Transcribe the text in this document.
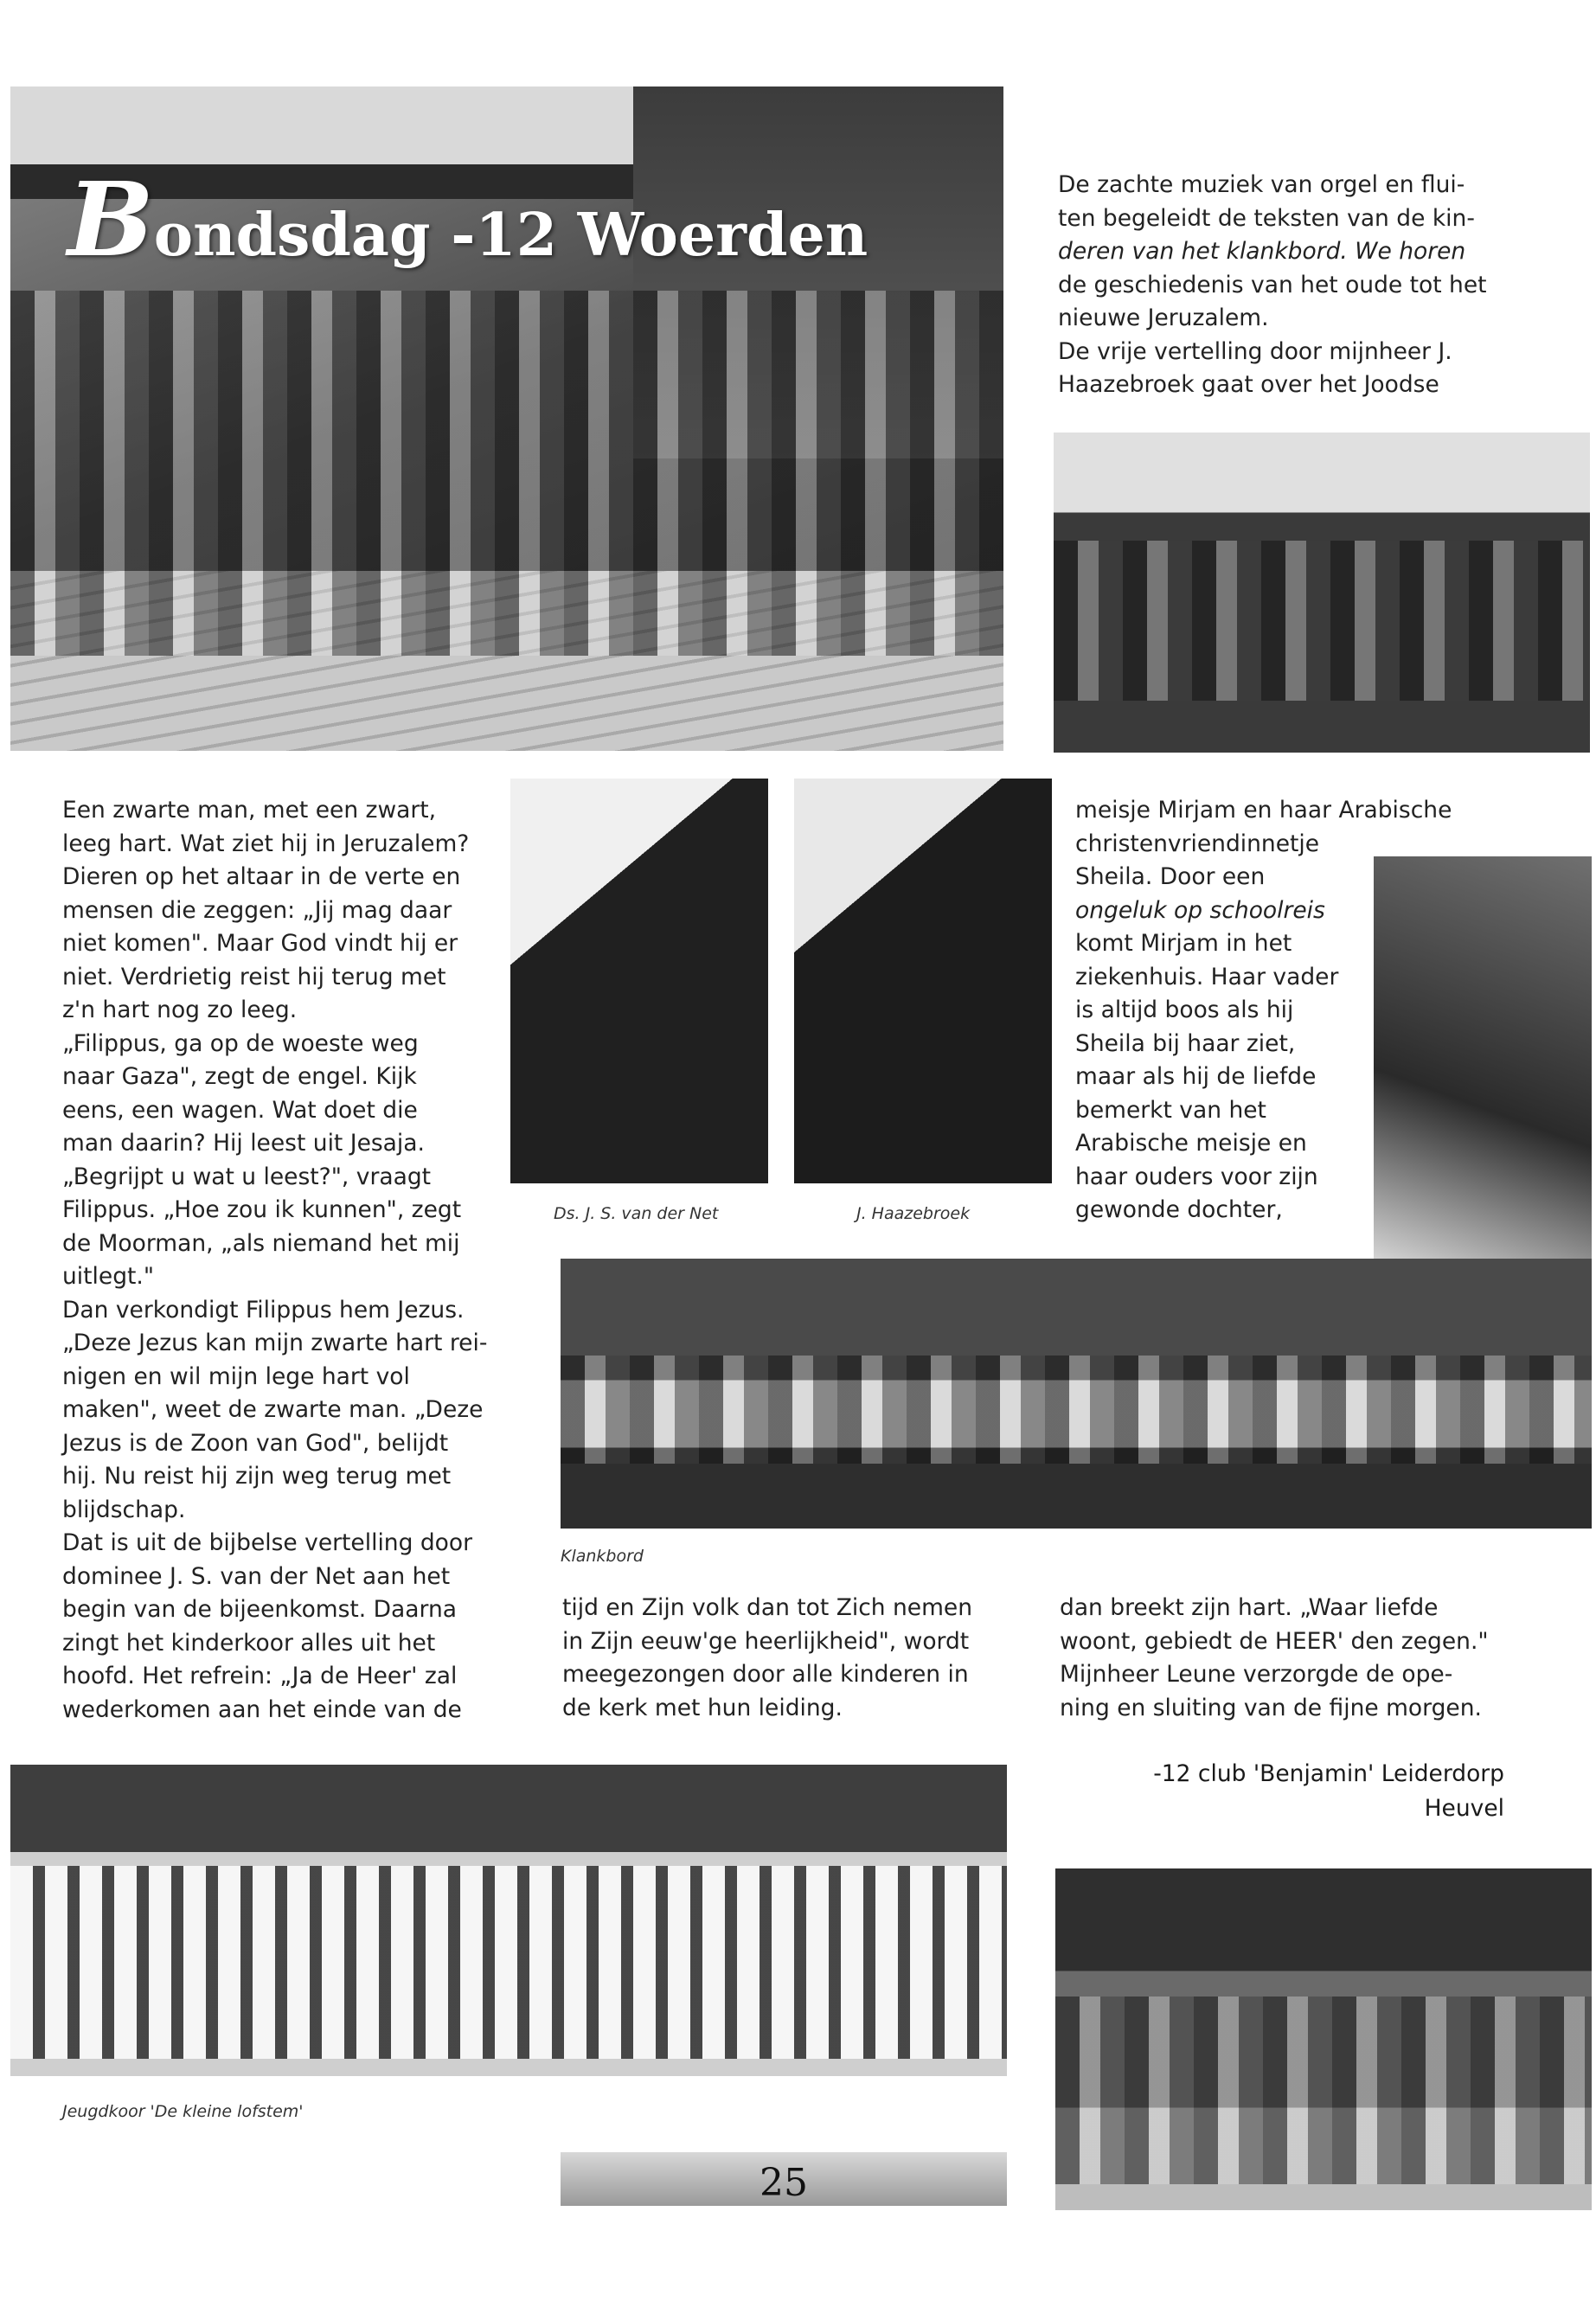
Bondsdag -12 Woerden

De zachte muziek van orgel en flui-

ten begeleidt de teksten van de kin-

deren van het klankbord. We horen

de geschiedenis van het oude tot het

nieuwe Jeruzalem.

De vrije vertelling door mijnheer J.

Haazebroek gaat over het Joodse

Een zwarte man, met een zwart,

leeg hart. Wat ziet hij in Jeruzalem?

Dieren op het altaar in de verte en

mensen die zeggen: „Jij mag daar

niet komen". Maar God vindt hij er

niet. Verdrietig reist hij terug met

z'n hart nog zo leeg.

„Filippus, ga op de woeste weg

naar Gaza", zegt de engel. Kijk

eens, een wagen. Wat doet die

man daarin? Hij leest uit Jesaja.

„Begrijpt u wat u leest?", vraagt

Filippus. „Hoe zou ik kunnen", zegt

de Moorman, „als niemand het mij

uitlegt."

Dan verkondigt Filippus hem Jezus.

„Deze Jezus kan mijn zwarte hart rei-

nigen en wil mijn lege hart vol

maken", weet de zwarte man. „Deze

Jezus is de Zoon van God", belijdt

hij. Nu reist hij zijn weg terug met

blijdschap.

Dat is uit de bijbelse vertelling door

dominee J. S. van der Net aan het

begin van de bijeenkomst. Daarna

zingt het kinderkoor alles uit het

hoofd. Het refrein: „Ja de Heer' zal

wederkomen aan het einde van de

Ds. J. S. van der Net	J. Haazebroek

meisje Mirjam en haar Arabische

christenvriendinnetje

Sheila. Door een

ongeluk op schoolreis

komt Mirjam in het

ziekenhuis. Haar vader

is altijd boos als hij

Sheila bij haar ziet,

maar als hij de liefde

bemerkt van het

Arabische meisje en

haar ouders voor zijn

gewonde dochter,

Klankbord

tijd en Zijn volk dan tot Zich nemen

in Zijn eeuw'ge heerlijkheid", wordt

meegezongen door alle kinderen in

de kerk met hun leiding.

dan breekt zijn hart. „Waar liefde

woont, gebiedt de HEER' den zegen."

Mijnheer Leune verzorgde de ope-

ning en sluiting van de fijne morgen.

-12 club 'Benjamin' Leiderdorp
Heuvel
Jeugdkoor 'De kleine lofstem'
25
